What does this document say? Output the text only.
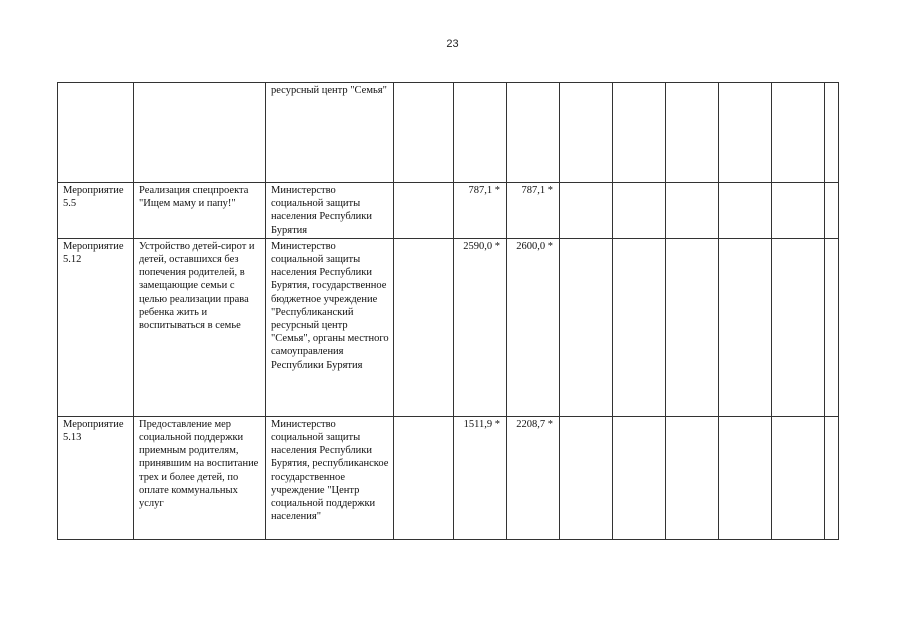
23
		ресурсный центр "Семья"									
Мероприятие 5.5	Реализация спецпроекта "Ищем маму и папу!"	Министерство социальной защиты населения Республики Бурятия		787,1 *	787,1 *						
Мероприятие 5.12	Устройство детей-сирот и детей, оставшихся без попечения родителей, в замещающие семьи с целью реализации права ребенка жить и воспитываться в семье	Министерство социальной защиты населения Республики Бурятия, государственное бюджетное учреждение "Республиканский ресурсный центр "Семья", органы местного самоуправления Республики Бурятия		2590,0 *	2600,0 *						
Мероприятие 5.13	Предоставление мер социальной поддержки приемным родителям, принявшим на воспитание трех и более детей, по оплате коммунальных услуг	Министерство социальной защиты населения Республики Бурятия, республиканское государственное учреждение "Центр социальной поддержки населения"		1511,9 *	2208,7 *						
